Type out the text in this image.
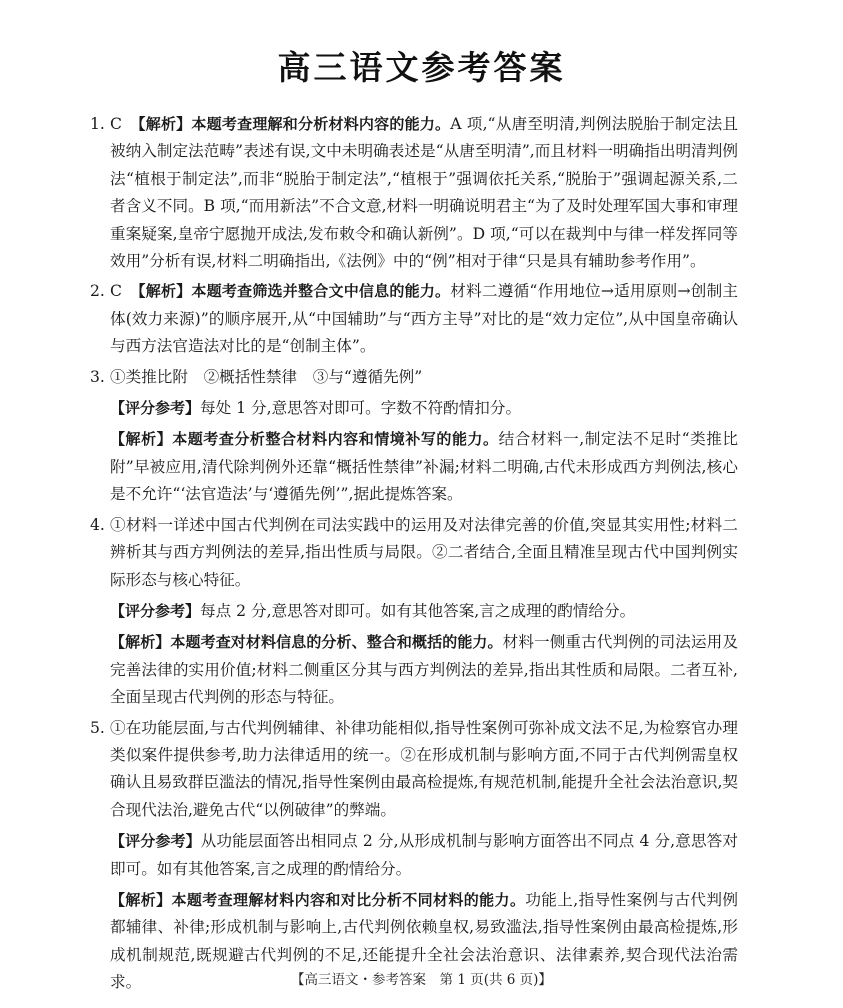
高三语文参考答案
1. C　 【解析】本题考查理解和分析材料内容的能力。A 项,“从唐至明清,判例法脱胎于制定法且被纳入制定法范畴”表述有误,文中未明确表述是“从唐至明清”,而且材料一明确指出明清判例法“植根于制定法”,而非“脱胎于制定法”,“植根于”强调依托关系,“脱胎于”强调起源关系,二者含义不同。B 项,“而用新法”不合文意,材料一明确说明君主“为了及时处理军国大事和审理重案疑案,皇帝宁愿抛开成法,发布敕令和确认新例”。D 项,“可以在裁判中与律一样发挥同等效用”分析有误,材料二明确指出,《法例》中的“例”相对于律“只是具有辅助参考作用”。

2. C　 【解析】本题考查筛选并整合文中信息的能力。材料二遵循“作用地位→适用原则→创制主体(效力来源)”的顺序展开,从“中国辅助”与“西方主导”对比的是“效力定位”,从中国皇帝确认与西方法官造法对比的是“创制主体”。

3. ①类推比附　②概括性禁律　③与“遵循先例”

【评分参考】每处 1 分,意思答对即可。字数不符酌情扣分。

【解析】本题考查分析整合材料内容和情境补写的能力。结合材料一,制定法不足时“类推比附”早被应用,清代除判例外还靠“概括性禁律”补漏;材料二明确,古代未形成西方判例法,核心是不允许“‘法官造法’与‘遵循先例’”,据此提炼答案。

4. ①材料一详述中国古代判例在司法实践中的运用及对法律完善的价值,突显其实用性;材料二辨析其与西方判例法的差异,指出性质与局限。②二者结合,全面且精准呈现古代中国判例实际形态与核心特征。

【评分参考】每点 2 分,意思答对即可。如有其他答案,言之成理的酌情给分。

【解析】本题考查对材料信息的分析、整合和概括的能力。材料一侧重古代判例的司法运用及完善法律的实用价值;材料二侧重区分其与西方判例法的差异,指出其性质和局限。二者互补,全面呈现古代判例的形态与特征。

5. ①在功能层面,与古代判例辅律、补律功能相似,指导性案例可弥补成文法不足,为检察官办理类似案件提供参考,助力法律适用的统一。②在形成机制与影响方面,不同于古代判例需皇权确认且易致群臣滥法的情况,指导性案例由最高检提炼,有规范机制,能提升全社会法治意识,契合现代法治,避免古代“以例破律”的弊端。

【评分参考】从功能层面答出相同点 2 分,从形成机制与影响方面答出不同点 4 分,意思答对即可。如有其他答案,言之成理的酌情给分。

【解析】本题考查理解材料内容和对比分析不同材料的能力。功能上,指导性案例与古代判例都辅律、补律;形成机制与影响上,古代判例依赖皇权,易致滥法,指导性案例由最高检提炼,形成机制规范,既规避古代判例的不足,还能提升全社会法治意识、法律素养,契合现代法治需求。	【高三语文・参考答案　第 1 页(共 6 页)】
